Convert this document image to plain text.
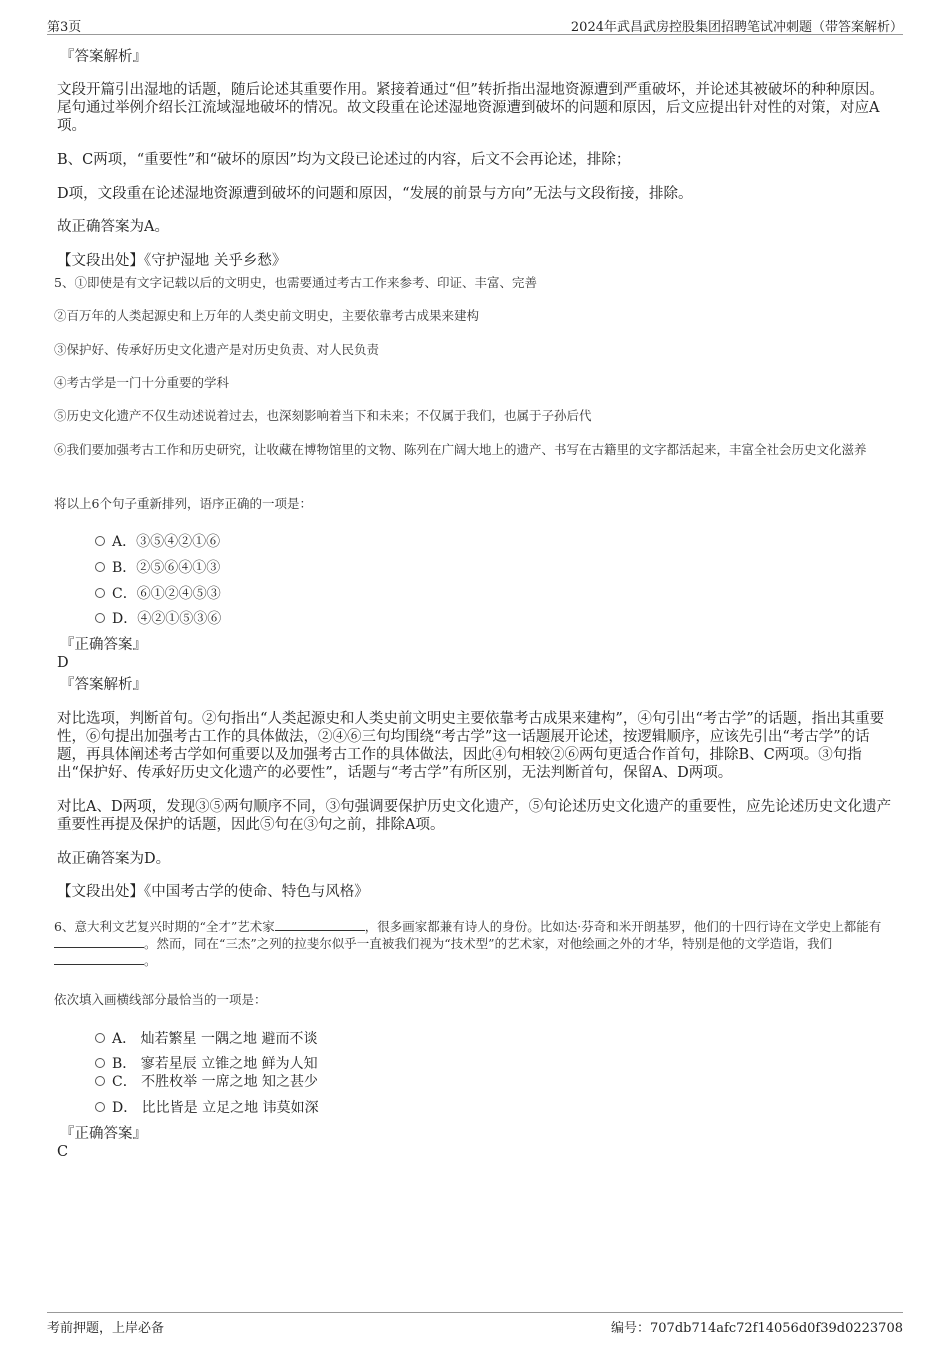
第3页	2024年武昌武房控股集团招聘笔试冲刺题（带答案解析）
『答案解析』
文段开篇引出湿地的话题，随后论述其重要作用。紧接着通过“但”转折指出湿地资源遭到严重破坏，并论述其被破坏的种种原因。尾句通过举例介绍长江流域湿地破坏的情况。故文段重在论述湿地资源遭到破坏的问题和原因，后文应提出针对性的对策，对应A项。
B、C两项，“重要性”和“破坏的原因”均为文段已论述过的内容，后文不会再论述，排除；
D项，文段重在论述湿地资源遭到破坏的问题和原因，“发展的前景与方向”无法与文段衔接，排除。
故正确答案为A。
【文段出处】《守护湿地 关乎乡愁》
5、①即使是有文字记载以后的文明史，也需要通过考古工作来参考、印证、丰富、完善
②百万年的人类起源史和上万年的人类史前文明史，主要依靠考古成果来建构
③保护好、传承好历史文化遗产是对历史负责、对人民负责
④考古学是一门十分重要的学科
⑤历史文化遗产不仅生动述说着过去，也深刻影响着当下和未来；不仅属于我们，也属于子孙后代
⑥我们要加强考古工作和历史研究，让收藏在博物馆里的文物、陈列在广阔大地上的遗产、书写在古籍里的文字都活起来，丰富全社会历史文化滋养
将以上6个句子重新排列，语序正确的一项是：
A．③⑤④②①⑥
B．②⑤⑥④①③
C．⑥①②④⑤③
D．④②①⑤③⑥
『正确答案』
D
『答案解析』
对比选项，判断首句。②句指出“人类起源史和人类史前文明史主要依靠考古成果来建构”，④句引出“考古学”的话题，指出其重要性，⑥句提出加强考古工作的具体做法，②④⑥三句均围绕“考古学”这一话题展开论述，按逻辑顺序，应该先引出“考古学”的话题，再具体阐述考古学如何重要以及加强考古工作的具体做法，因此④句相较②⑥两句更适合作首句，排除B、C两项。③句指出“保护好、传承好历史文化遗产的必要性”，话题与“考古学”有所区别，无法判断首句，保留A、D两项。
对比A、D两项，发现③⑤两句顺序不同，③句强调要保护历史文化遗产，⑤句论述历史文化遗产的重要性，应先论述历史文化遗产重要性再提及保护的话题，因此⑤句在③句之前，排除A项。
故正确答案为D。
【文段出处】《中国考古学的使命、特色与风格》
6、意大利文艺复兴时期的“全才”艺术家	，很多画家都兼有诗人的身份。比如达·芬奇和米开朗基罗，他们的十四行诗在文学史上都能有。然而，同在“三杰”之列的拉斐尔似乎一直被我们视为“技术型”的艺术家，对他绘画之外的才华，特别是他的文学造诣，我们。
依次填入画横线部分最恰当的一项是：
A． 灿若繁星 一隅之地 避而不谈
B． 寥若星辰 立锥之地 鲜为人知
C． 不胜枚举 一席之地 知之甚少
D． 比比皆是 立足之地 讳莫如深
『正确答案』
C
考前押题，上岸必备	编号：707db714afc72f14056d0f39d0223708
